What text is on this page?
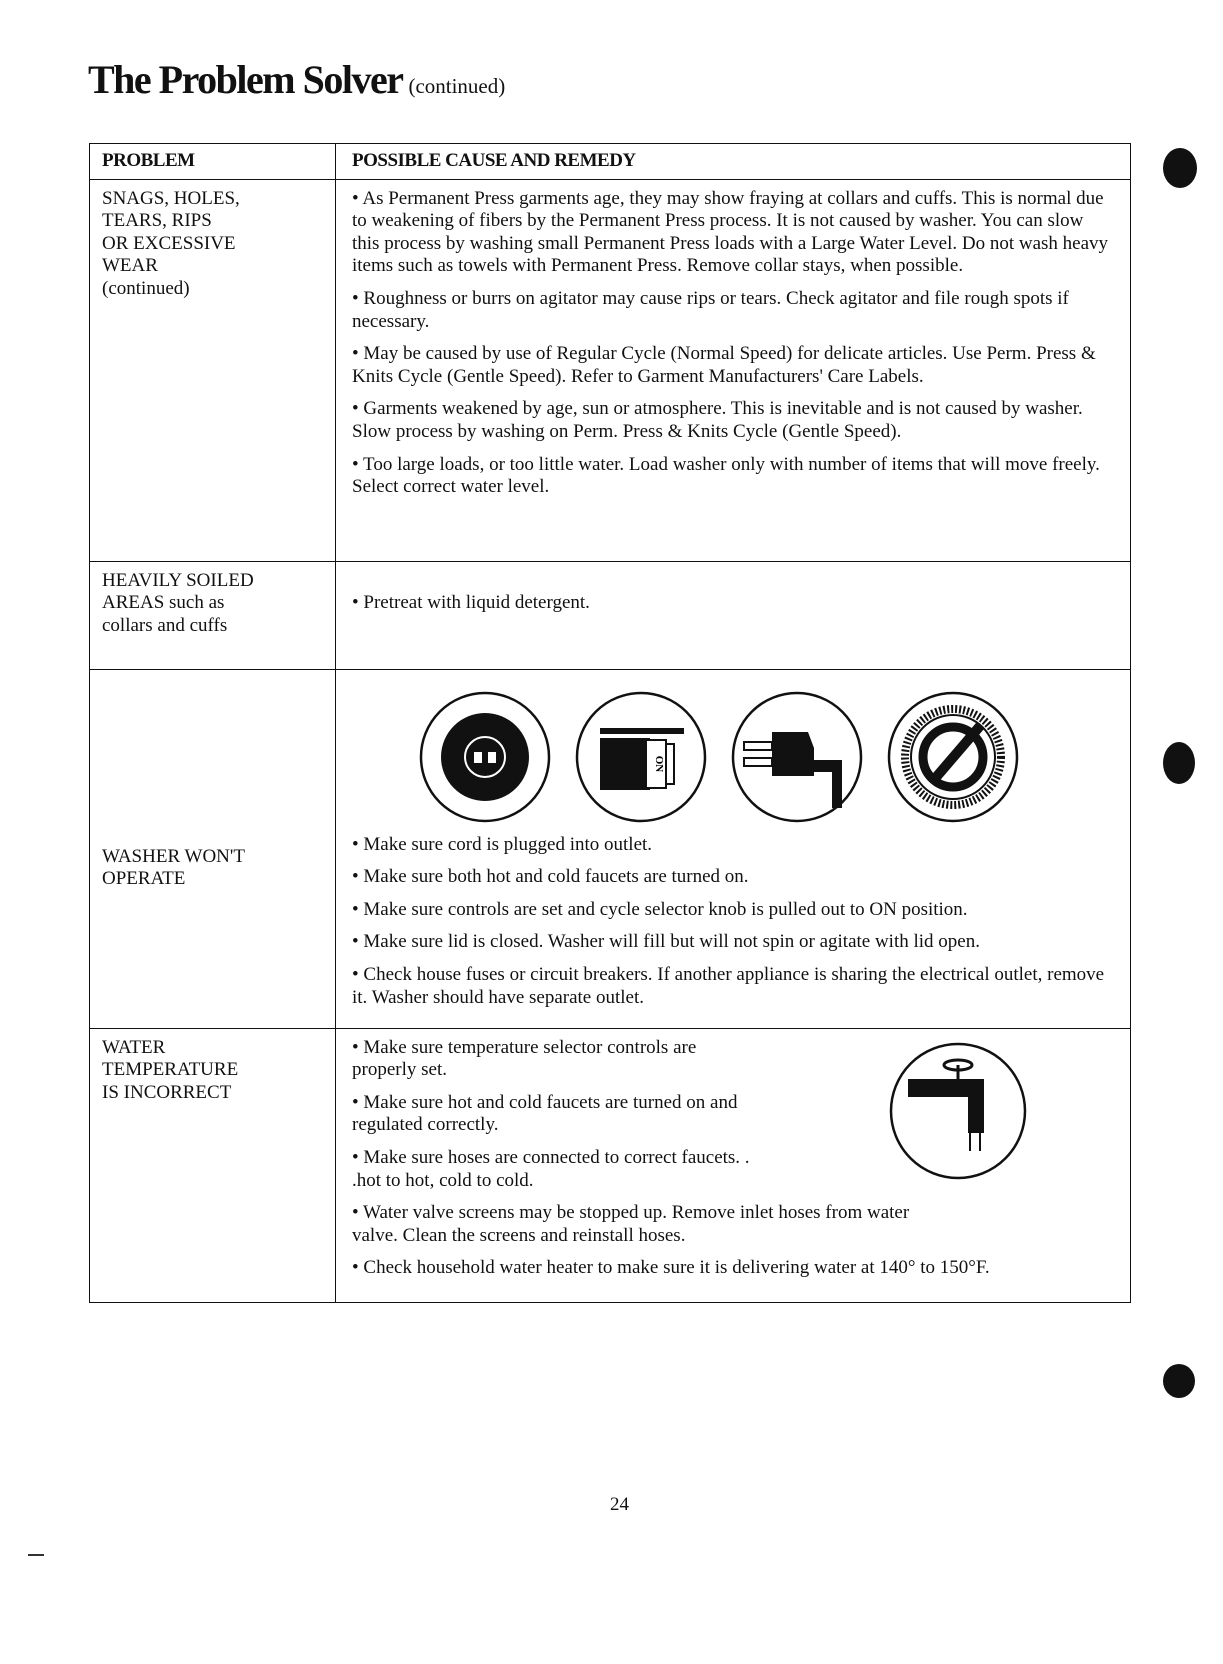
The Problem Solver (continued)
PROBLEM	POSSIBLE CAUSE AND REMEDY
SNAGS, HOLES,
TEARS, RIPS
OR EXCESSIVE
WEAR
(continued)
• As Permanent Press garments age, they may show fraying at collars and cuffs. This is normal due to weakening of fibers by the Permanent Press process. It is not caused by washer. You can slow this process by washing small Permanent Press loads with a Large Water Level. Do not wash heavy items such as towels with Permanent Press. Remove collar stays, when possible.
• Roughness or burrs on agitator may cause rips or tears. Check agitator and file rough spots if necessary.
• May be caused by use of Regular Cycle (Normal Speed) for delicate articles. Use Perm. Press & Knits Cycle (Gentle Speed). Refer to Garment Manufacturers' Care Labels.
• Garments weakened by age, sun or atmosphere. This is inevitable and is not caused by washer. Slow process by washing on Perm. Press & Knits Cycle (Gentle Speed).
• Too large loads, or too little water. Load washer only with number of items that will move freely. Select correct water level.
HEAVILY SOILED
AREAS such as
collars and cuffs
• Pretreat with liquid detergent.
WASHER WON'T
OPERATE
ON
• Make sure cord is plugged into outlet.
• Make sure both hot and cold faucets are turned on.
• Make sure controls are set and cycle selector knob is pulled out to ON position.
• Make sure lid is closed. Washer will fill but will not spin or agitate with lid open.
• Check house fuses or circuit breakers. If another appliance is sharing the electrical outlet, remove it. Washer should have separate outlet.
WATER
TEMPERATURE
IS INCORRECT
• Make sure temperature selector controls are properly set.
• Make sure hot and cold faucets are turned on and regulated correctly.
• Make sure hoses are connected to correct faucets. . .hot to hot, cold to cold.
• Water valve screens may be stopped up. Remove inlet hoses from water valve. Clean the screens and reinstall hoses.
• Check household water heater to make sure it is delivering water at 140° to 150°F.
24
